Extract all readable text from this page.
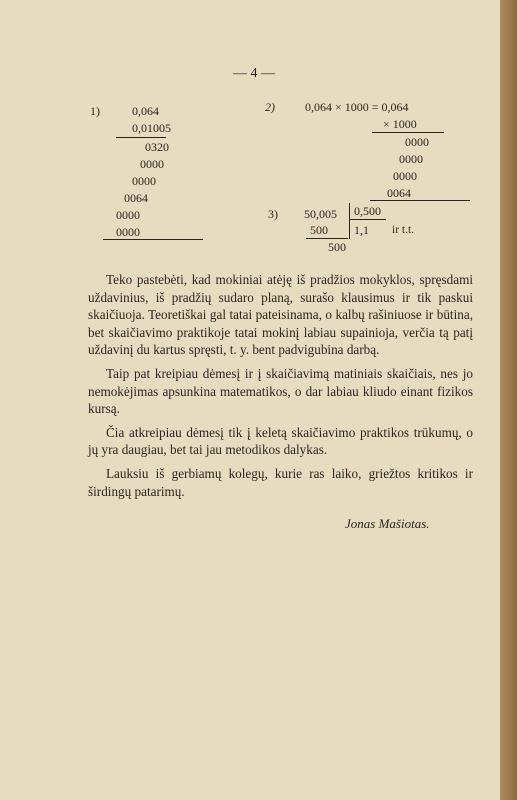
— 4 —
1)	0,064
0,01005
0320
0000
0000
0064
0000
0000
2)	0,064 × 1000 = 0,064
× 1000
0000
0000
0000
0064
3) 50,005 0,500
500 1,1 ir t.t.
500

Teko pastebėti, kad mokiniai atėję iš pradžios mokyklos, spręsdami uždavinius, iš pradžių sudaro planą, surašo klausimus ir tik paskui skaičiuoja. Teoretiškai gal tatai pateisinama, o kalbų rašiniuose ir būtina, bet skaičiavimo praktikoje tatai mokinį labiau supainioja, verčia tą patį uždavinį du kartus spręsti, t. y. bent padvigubina darbą.

Taip pat kreipiau dėmesį ir į skaičiavimą matiniais skaičiais, nes jo nemokėjimas apsunkina matematikos, o dar labiau kliudo einant fizikos kursą.

Čia atkreipiau dėmesį tik į keletą skaičiavimo praktikos trūkumų, o jų yra daugiau, bet tai jau metodikos dalykas.

Lauksiu iš gerbiamų kolegų, kurie ras laiko, griežtos kritikos ir širdingų patarimų.

Jonas Mašiotas.
